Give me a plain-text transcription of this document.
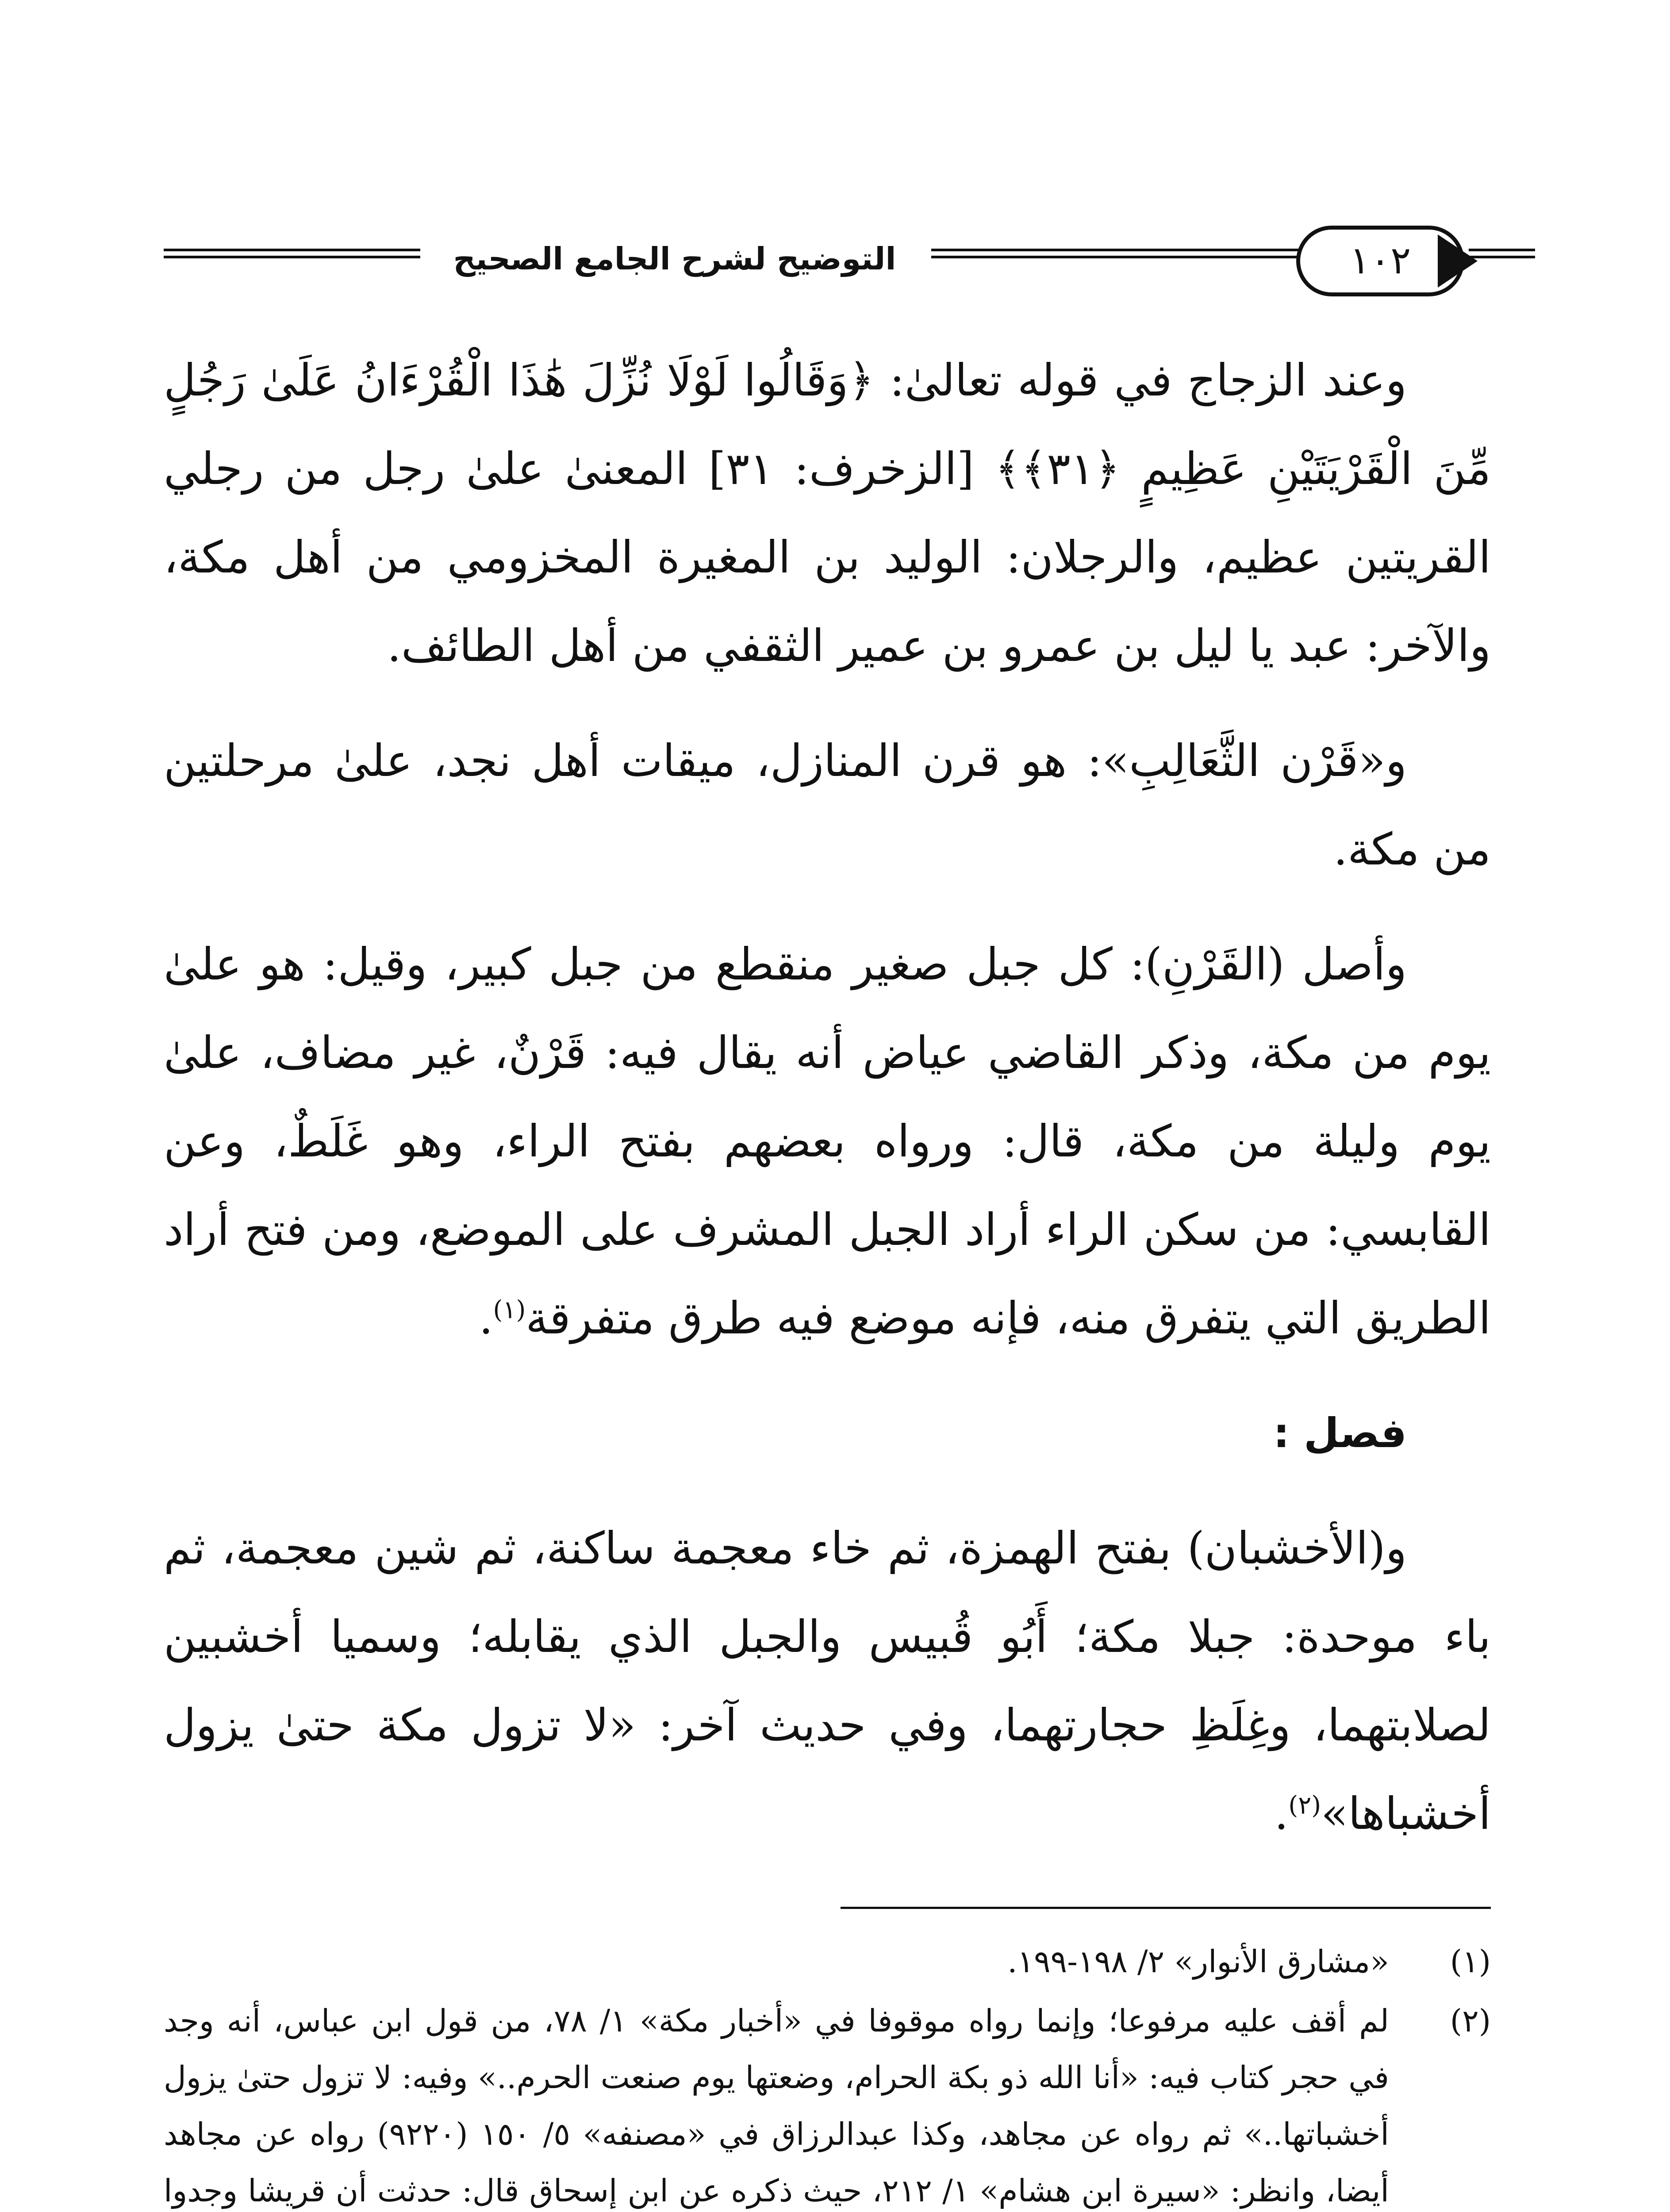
التوضيح لشرح الجامع الصحيح	١٠٢

وعند الزجاج في قوله تعالىٰ: ﴿وَقَالُوا لَوْلَا نُزِّلَ هَٰذَا الْقُرْءَانُ عَلَىٰ رَجُلٍ مِّنَ الْقَرْيَتَيْنِ عَظِيمٍ ﴿٣١﴾﴾ [الزخرف: ٣١] المعنىٰ علىٰ رجل من رجلي القريتين عظيم، والرجلان: الوليد بن المغيرة المخزومي من أهل مكة، والآخر: عبد يا ليل بن عمرو بن عمير الثقفي من أهل الطائف.

و«قَرْن الثَّعَالِبِ»: هو قرن المنازل، ميقات أهل نجد، علىٰ مرحلتين من مكة.

وأصل (القَرْنِ): كل جبل صغير منقطع من جبل كبير، وقيل: هو علىٰ يوم من مكة، وذكر القاضي عياض أنه يقال فيه: قَرْنٌ، غير مضاف، علىٰ يوم وليلة من مكة، قال: ورواه بعضهم بفتح الراء، وهو غَلَطٌ، وعن القابسي: من سكن الراء أراد الجبل المشرف على الموضع، ومن فتح أراد الطريق التي يتفرق منه، فإنه موضع فيه طرق متفرقة$^{(١)}$.

فصل :

و(الأخشبان) بفتح الهمزة، ثم خاء معجمة ساكنة، ثم شين معجمة، ثم باء موحدة: جبلا مكة؛ أَبُو قُبيس والجبل الذي يقابله؛ وسميا أخشبين لصلابتهما، وغِلَظِ حجارتهما، وفي حديث آخر: «لا تزول مكة حتىٰ يزول أخشباها»$^{(٢)}$.

(١)
«مشارق الأنوار» ٢/ ١٩٨-١٩٩.
(٢)
لم أقف عليه مرفوعا؛ وإنما رواه موقوفا في «أخبار مكة» ١/ ٧٨، من قول ابن عباس، أنه وجد في حجر كتاب فيه: «أنا الله ذو بكة الحرام، وضعتها يوم صنعت الحرم..» وفيه: لا تزول حتىٰ يزول أخشباتها..» ثم رواه عن مجاهد، وكذا عبدالرزاق في «مصنفه» ٥/ ١٥٠ (٩٢٢٠) رواه عن مجاهد أيضا، وانظر: «سيرة ابن هشام» ١/ ٢١٢، حيث ذكره عن ابن إسحاق قال: حدثت أن قريشا وجدوا
